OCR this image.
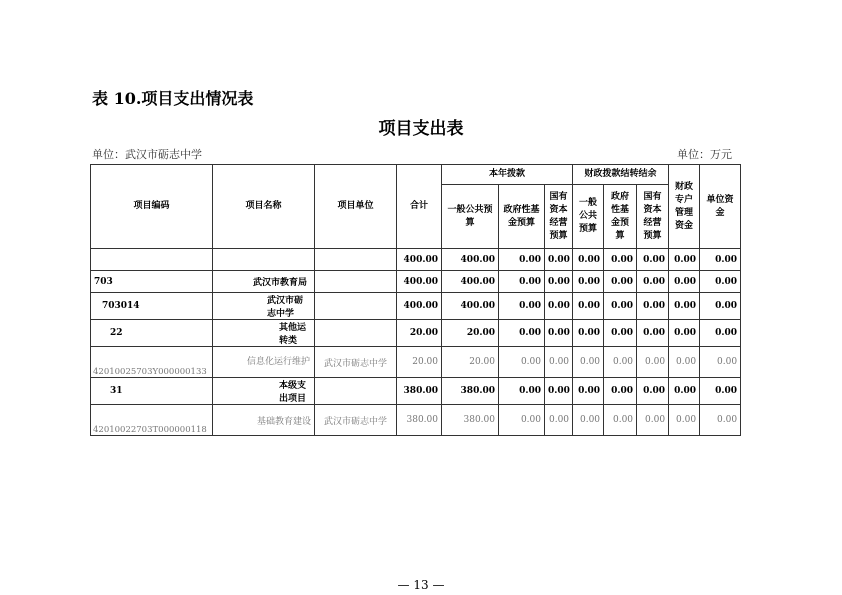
表 10.项目支出情况表
项目支出表
单位：武汉市砺志中学	单位：万元
项目编码	项目名称	项目单位	合计	本年拨款			财政拨款结转结余			财政专户管理资金	单位资金
				一般公共预算	政府性基金预算	国有资本经营预算	一般公共预算	政府性基金预算	国有资本经营预算		
			400.00	400.00	0.00	0.00	0.00	0.00	0.00	0.00	0.00
703	武汉市教育局		400.00	400.00	0.00	0.00	0.00	0.00	0.00	0.00	0.00
703014	武汉市砺志中学		400.00	400.00	0.00	0.00	0.00	0.00	0.00	0.00	0.00
22	其他运转类		20.00	20.00	0.00	0.00	0.00	0.00	0.00	0.00	0.00
42010025703Y000000133	信息化运行维护	武汉市砺志中学	20.00	20.00	0.00	0.00	0.00	0.00	0.00	0.00	0.00
31	本级支出项目		380.00	380.00	0.00	0.00	0.00	0.00	0.00	0.00	0.00
42010022703T000000118	基础教育建设	武汉市砺志中学	380.00	380.00	0.00	0.00	0.00	0.00	0.00	0.00	0.00
— 13 —
